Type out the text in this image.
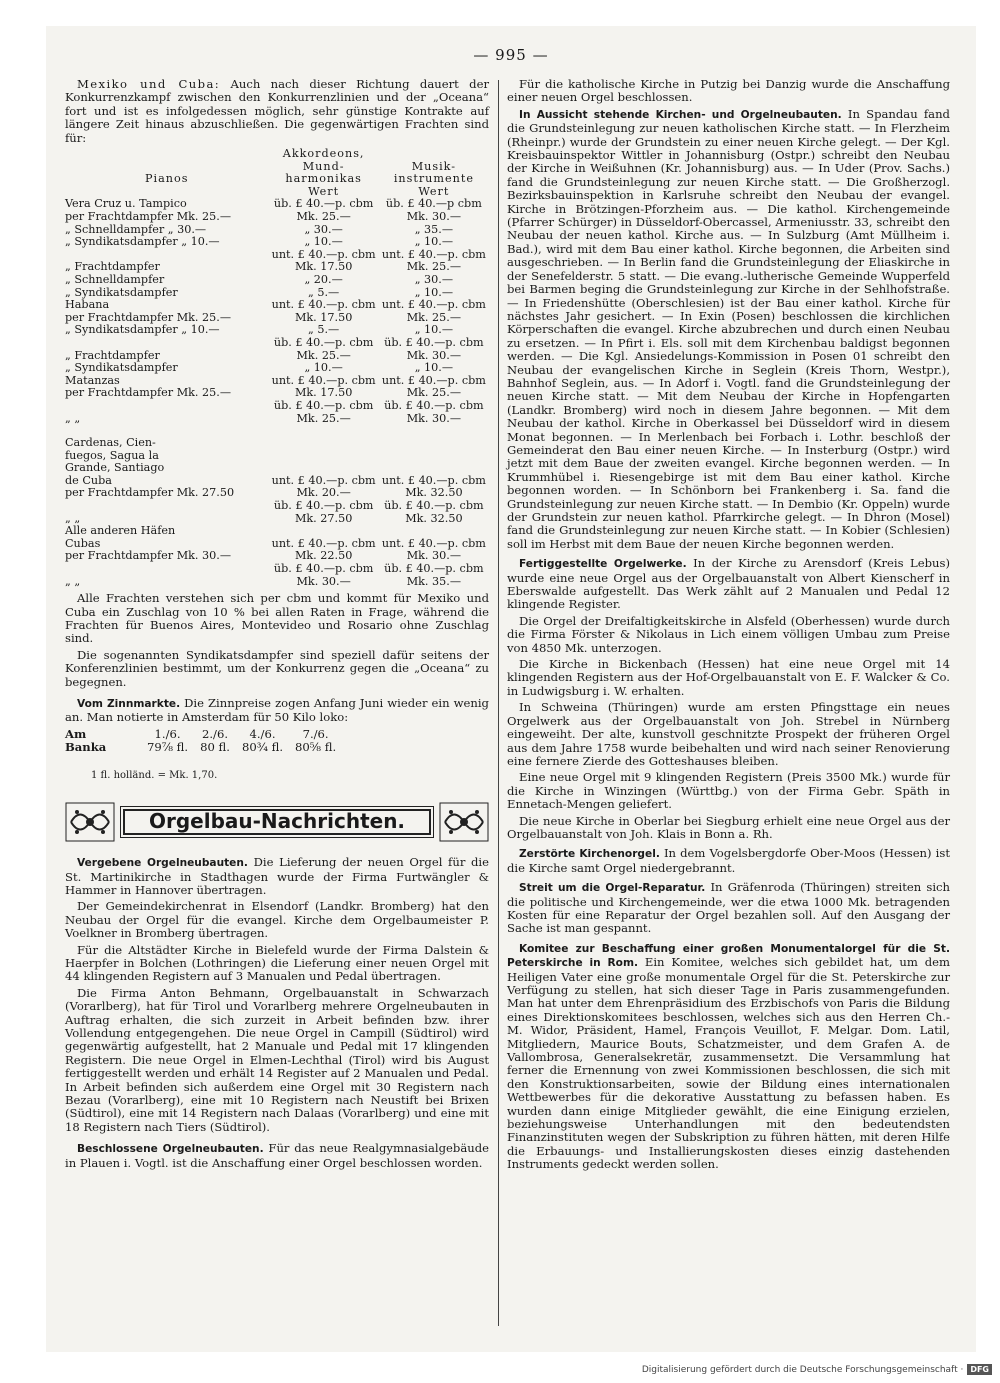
— 995 —

Mexiko und Cuba: Auch nach dieser Richtung dauert der Konkurrenzkampf zwischen den Konkurrenzlinien und der „Oceana“ fort und ist es infolgedessen möglich, sehr günstige Kontrakte auf längere Zeit hinaus abzuschließen. Die gegenwärtigen Frachten sind für:

	Akkordeons,	
	Mund-	Musik-
Pianos	harmonikas	instrumente
	Wert	Wert
Vera Cruz u. Tampico	üb. £ 40.—p. cbm	üb. £ 40.—p cbm
per Frachtdampfer Mk. 25.—	Mk. 25.—	Mk. 30.—
„ Schnelldampfer „ 30.—	„ 30.—	„ 35.—
„ Syndikatsdampfer „ 10.—	„ 10.—	„ 10.—
	unt. £ 40.—p. cbm	unt. £ 40.—p. cbm
„ Frachtdampfer	Mk. 17.50	Mk. 25.—
„ Schnelldampfer	„ 20.—	„ 30.—
„ Syndikatsdampfer	„ 5.—	„ 10.—
Habana	unt. £ 40.—p. cbm	unt. £ 40.—p. cbm
per Frachtdampfer Mk. 25.—	Mk. 17.50	Mk. 25.—
„ Syndikatsdampfer „ 10.—	„ 5.—	„ 10.—
	üb. £ 40.—p. cbm	üb. £ 40.—p. cbm
„ Frachtdampfer	Mk. 25.—	Mk. 30.—
„ Syndikatsdampfer	„ 10.—	„ 10.—
Matanzas	unt. £ 40.—p. cbm	unt. £ 40.—p. cbm
per Frachtdampfer Mk. 25.—	Mk. 17.50	Mk. 25.—
	üb. £ 40.—p. cbm	üb. £ 40.—p. cbm
„ „	Mk. 25.—	Mk. 30.—

Cardenas, Cien-		
fuegos, Sagua la		
Grande, Santiago		
de Cuba	unt. £ 40.—p. cbm	unt. £ 40.—p. cbm
per Frachtdampfer Mk. 27.50	Mk. 20.—	Mk. 32.50
	üb. £ 40.—p. cbm	üb. £ 40.—p. cbm
„ „	Mk. 27.50	Mk. 32.50
Alle anderen Häfen		
Cubas	unt. £ 40.—p. cbm	unt. £ 40.—p. cbm
per Frachtdampfer Mk. 30.—	Mk. 22.50	Mk. 30.—
	üb. £ 40.—p. cbm	üb. £ 40.—p. cbm
„ „	Mk. 30.—	Mk. 35.—

Alle Frachten verstehen sich per cbm und kommt für Mexiko und Cuba ein Zuschlag von 10 % bei allen Raten in Frage, während die Frachten für Buenos Aires, Montevideo und Rosario ohne Zuschlag sind.

Die sogenannten Syndikatsdampfer sind speziell dafür seitens der Konferenzlinien bestimmt, um der Konkurrenz gegen die „Oceana“ zu begegnen.

Vom Zinnmarkte. Die Zinnpreise zogen Anfang Juni wieder ein wenig an. Man notierte in Amsterdam für 50 Kilo loko:

Am	1./6.	2./6.	4./6.	7./6.
Banka	79⅞ fl.	80 fl.	80¾ fl.	80⅝ fl.
1 fl. holländ. = Mk. 1,70.
Orgelbau-Nachrichten.

Vergebene Orgelneubauten. Die Lieferung der neuen Orgel für die St. Martinikirche in Stadthagen wurde der Firma Furtwängler & Hammer in Hannover übertragen.

Der Gemeindekirchenrat in Elsendorf (Landkr. Bromberg) hat den Neubau der Orgel für die evangel. Kirche dem Orgelbaumeister P. Voelkner in Bromberg übertragen.

Für die Altstädter Kirche in Bielefeld wurde der Firma Dalstein & Haerpfer in Bolchen (Lothringen) die Lieferung einer neuen Orgel mit 44 klingenden Registern auf 3 Manualen und Pedal übertragen.

Die Firma Anton Behmann, Orgelbauanstalt in Schwarzach (Vorarlberg), hat für Tirol und Vorarlberg mehrere Orgelneubauten in Auftrag erhalten, die sich zurzeit in Arbeit befinden bzw. ihrer Vollendung entgegengehen. Die neue Orgel in Campill (Südtirol) wird gegenwärtig aufgestellt, hat 2 Manuale und Pedal mit 17 klingenden Registern. Die neue Orgel in Elmen-Lechthal (Tirol) wird bis August fertiggestellt werden und erhält 14 Register auf 2 Manualen und Pedal. In Arbeit befinden sich außerdem eine Orgel mit 30 Registern nach Bezau (Vorarlberg), eine mit 10 Registern nach Neustift bei Brixen (Südtirol), eine mit 14 Registern nach Dalaas (Vorarlberg) und eine mit 18 Registern nach Tiers (Südtirol).

Beschlossene Orgelneubauten. Für das neue Realgymnasialgebäude in Plauen i. Vogtl. ist die Anschaffung einer Orgel beschlossen worden.

Für die katholische Kirche in Putzig bei Danzig wurde die Anschaffung einer neuen Orgel beschlossen.

In Aussicht stehende Kirchen- und Orgelneubauten. In Spandau fand die Grundsteinlegung zur neuen katholischen Kirche statt. — In Flerzheim (Rheinpr.) wurde der Grundstein zu einer neuen Kirche gelegt. — Der Kgl. Kreisbauinspektor Wittler in Johannisburg (Ostpr.) schreibt den Neubau der Kirche in Weißuhnen (Kr. Johannisburg) aus. — In Uder (Prov. Sachs.) fand die Grundsteinlegung zur neuen Kirche statt. — Die Großherzogl. Bezirksbauinspektion in Karlsruhe schreibt den Neubau der evangel. Kirche in Brötzingen-Pforzheim aus. — Die kathol. Kirchengemeinde (Pfarrer Schürger) in Düsseldorf-Obercassel, Armeniusstr. 33, schreibt den Neubau der neuen kathol. Kirche aus. — In Sulzburg (Amt Müllheim i. Bad.), wird mit dem Bau einer kathol. Kirche begonnen, die Arbeiten sind ausgeschrieben. — In Berlin fand die Grundsteinlegung der Eliaskirche in der Senefelderstr. 5 statt. — Die evang.-lutherische Gemeinde Wupperfeld bei Barmen beging die Grundsteinlegung zur Kirche in der Sehlhofstraße. — In Friedenshütte (Oberschlesien) ist der Bau einer kathol. Kirche für nächstes Jahr gesichert. — In Exin (Posen) beschlossen die kirchlichen Körperschaften die evangel. Kirche abzubrechen und durch einen Neubau zu ersetzen. — In Pfirt i. Els. soll mit dem Kirchenbau baldigst begonnen werden. — Die Kgl. Ansiedelungs-Kommission in Posen 01 schreibt den Neubau der evangelischen Kirche in Seglein (Kreis Thorn, Westpr.), Bahnhof Seglein, aus. — In Adorf i. Vogtl. fand die Grundsteinlegung der neuen Kirche statt. — Mit dem Neubau der Kirche in Hopfengarten (Landkr. Bromberg) wird noch in diesem Jahre begonnen. — Mit dem Neubau der kathol. Kirche in Oberkassel bei Düsseldorf wird in diesem Monat begonnen. — In Merlenbach bei Forbach i. Lothr. beschloß der Gemeinderat den Bau einer neuen Kirche. — In Insterburg (Ostpr.) wird jetzt mit dem Baue der zweiten evangel. Kirche begonnen werden. — In Krummhübel i. Riesengebirge ist mit dem Bau einer kathol. Kirche begonnen worden. — In Schönborn bei Frankenberg i. Sa. fand die Grundsteinlegung zur neuen Kirche statt. — In Dembio (Kr. Oppeln) wurde der Grundstein zur neuen kathol. Pfarrkirche gelegt. — In Dhron (Mosel) fand die Grundsteinlegung zur neuen Kirche statt. — In Kobier (Schlesien) soll im Herbst mit dem Baue der neuen Kirche begonnen werden.

Fertiggestellte Orgelwerke. In der Kirche zu Arensdorf (Kreis Lebus) wurde eine neue Orgel aus der Orgelbauanstalt von Albert Kienscherf in Eberswalde aufgestellt. Das Werk zählt auf 2 Manualen und Pedal 12 klingende Register.

Die Orgel der Dreifaltigkeitskirche in Alsfeld (Oberhessen) wurde durch die Firma Förster & Nikolaus in Lich einem völligen Umbau zum Preise von 4850 Mk. unterzogen.

Die Kirche in Bickenbach (Hessen) hat eine neue Orgel mit 14 klingenden Registern aus der Hof-Orgelbauanstalt von E. F. Walcker & Co. in Ludwigsburg i. W. erhalten.

In Schweina (Thüringen) wurde am ersten Pfingsttage ein neues Orgelwerk aus der Orgelbauanstalt von Joh. Strebel in Nürnberg eingeweiht. Der alte, kunstvoll geschnitzte Prospekt der früheren Orgel aus dem Jahre 1758 wurde beibehalten und wird nach seiner Renovierung eine fernere Zierde des Gotteshauses bleiben.

Eine neue Orgel mit 9 klingenden Registern (Preis 3500 Mk.) wurde für die Kirche in Winzingen (Württbg.) von der Firma Gebr. Späth in Ennetach-Mengen geliefert.

Die neue Kirche in Oberlar bei Siegburg erhielt eine neue Orgel aus der Orgelbauanstalt von Joh. Klais in Bonn a. Rh.

Zerstörte Kirchenorgel. In dem Vogelsbergdorfe Ober-Moos (Hessen) ist die Kirche samt Orgel niedergebrannt.

Streit um die Orgel-Reparatur. In Gräfenroda (Thüringen) streiten sich die politische und Kirchengemeinde, wer die etwa 1000 Mk. betragenden Kosten für eine Reparatur der Orgel bezahlen soll. Auf den Ausgang der Sache ist man gespannt.

Komitee zur Beschaffung einer großen Monumentalorgel für die St. Peterskirche in Rom. Ein Komitee, welches sich gebildet hat, um dem Heiligen Vater eine große monumentale Orgel für die St. Peterskirche zur Verfügung zu stellen, hat sich dieser Tage in Paris zusammengefunden. Man hat unter dem Ehrenpräsidium des Erzbischofs von Paris die Bildung eines Direktionskomitees beschlossen, welches sich aus den Herren Ch.-M. Widor, Präsident, Hamel, François Veuillot, F. Melgar. Dom. Latil, Mitgliedern, Maurice Bouts, Schatzmeister, und dem Grafen A. de Vallombrosa, Generalsekretär, zusammensetzt. Die Versammlung hat ferner die Ernennung von zwei Kommissionen beschlossen, die sich mit den Konstruktionsarbeiten, sowie der Bildung eines internationalen Wettbewerbes für die dekorative Ausstattung zu befassen haben. Es wurden dann einige Mitglieder gewählt, die eine Einigung erzielen, beziehungsweise Unterhandlungen mit den bedeutendsten Finanzinstituten wegen der Subskription zu führen hätten, mit deren Hilfe die Erbauungs- und Installierungskosten dieses einzig dastehenden Instruments gedeckt werden sollen.

Digitalisierung gefördert durch die Deutsche Forschungsgemeinschaft · DFG
